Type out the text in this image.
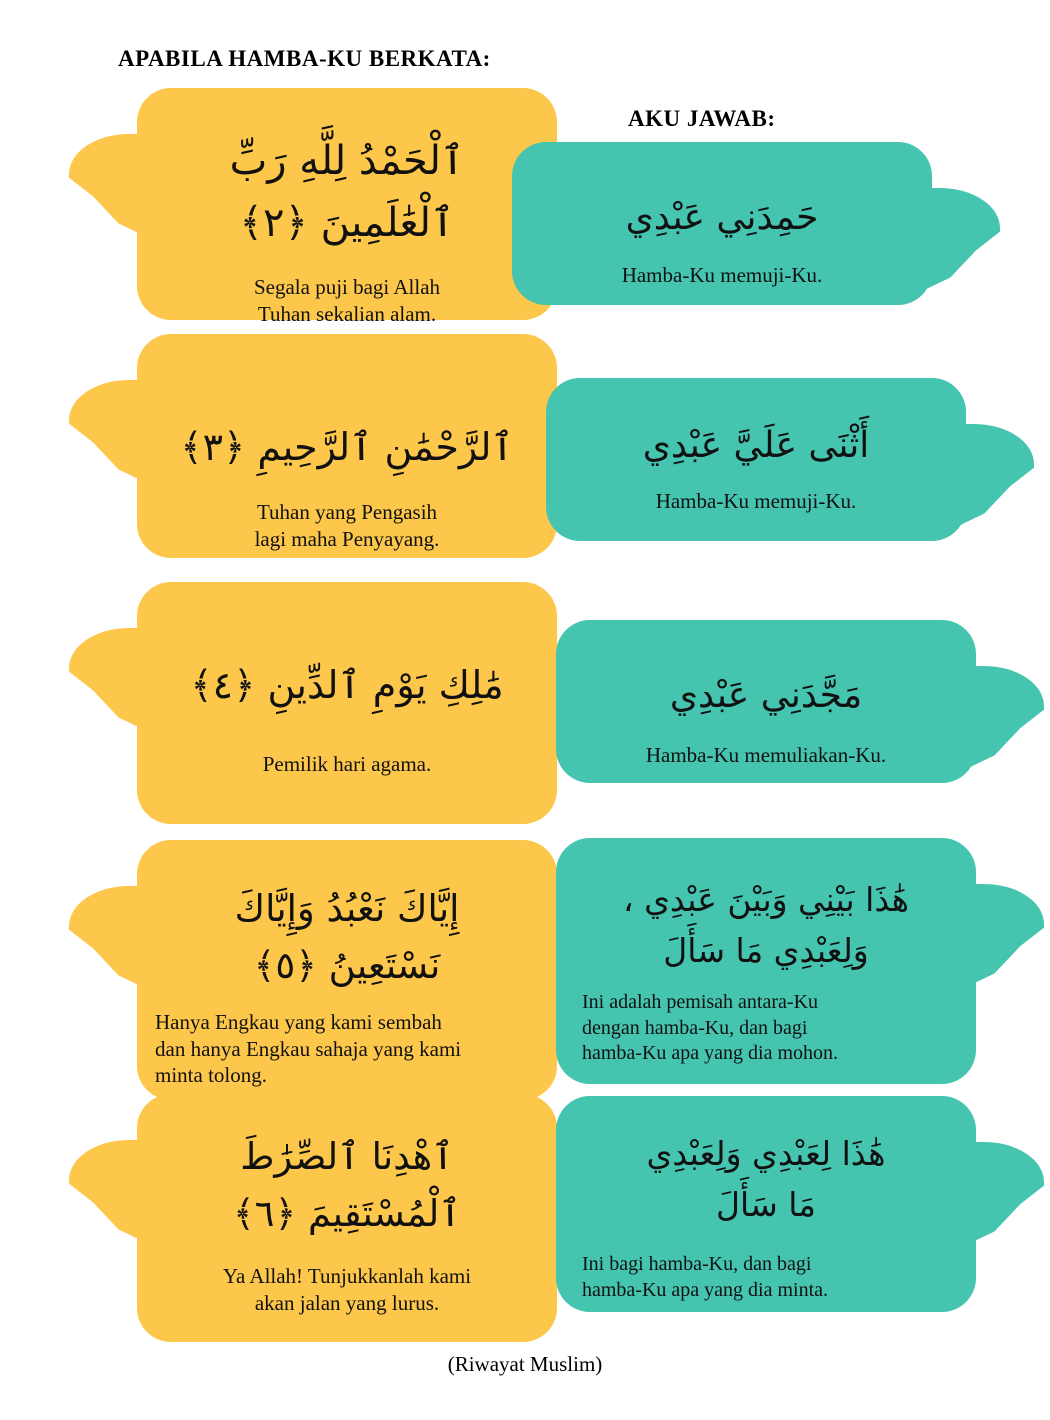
APABILA HAMBA-KU BERKATA:
AKU JAWAB:
ٱلْحَمْدُ لِلَّهِ رَبِّ
ٱلْعَٰلَمِينَ ﴿٢﴾
Segala puji bagi Allah
Tuhan sekalian alam.
حَمِدَنِي عَبْدِي
Hamba-Ku memuji-Ku.
ٱلرَّحْمَٰنِ ٱلرَّحِيمِ ﴿٣﴾
Tuhan yang Pengasih
lagi maha Penyayang.
أَثْنَى عَلَيَّ عَبْدِي
Hamba-Ku memuji-Ku.
مَٰلِكِ يَوْمِ ٱلدِّينِ ﴿٤﴾
Pemilik hari agama.
مَجَّدَنِي عَبْدِي
Hamba-Ku memuliakan-Ku.
إِيَّاكَ نَعْبُدُ وَإِيَّاكَ
نَسْتَعِينُ ﴿٥﴾
Hanya Engkau yang kami sembah
dan hanya Engkau sahaja yang kami
minta tolong.
هَٰذَا بَيْنِي وَبَيْنَ عَبْدِي ،
وَلِعَبْدِي مَا سَأَلَ
Ini adalah pemisah antara-Ku
dengan hamba-Ku, dan bagi
hamba-Ku apa yang dia mohon.
ٱهْدِنَا ٱلصِّرَٰطَ
ٱلْمُسْتَقِيمَ ﴿٦﴾
Ya Allah! Tunjukkanlah kami
akan jalan yang lurus.
هَٰذَا لِعَبْدِي وَلِعَبْدِي
مَا سَأَلَ
Ini bagi hamba-Ku, dan bagi
hamba-Ku apa yang dia minta.
(Riwayat Muslim)
